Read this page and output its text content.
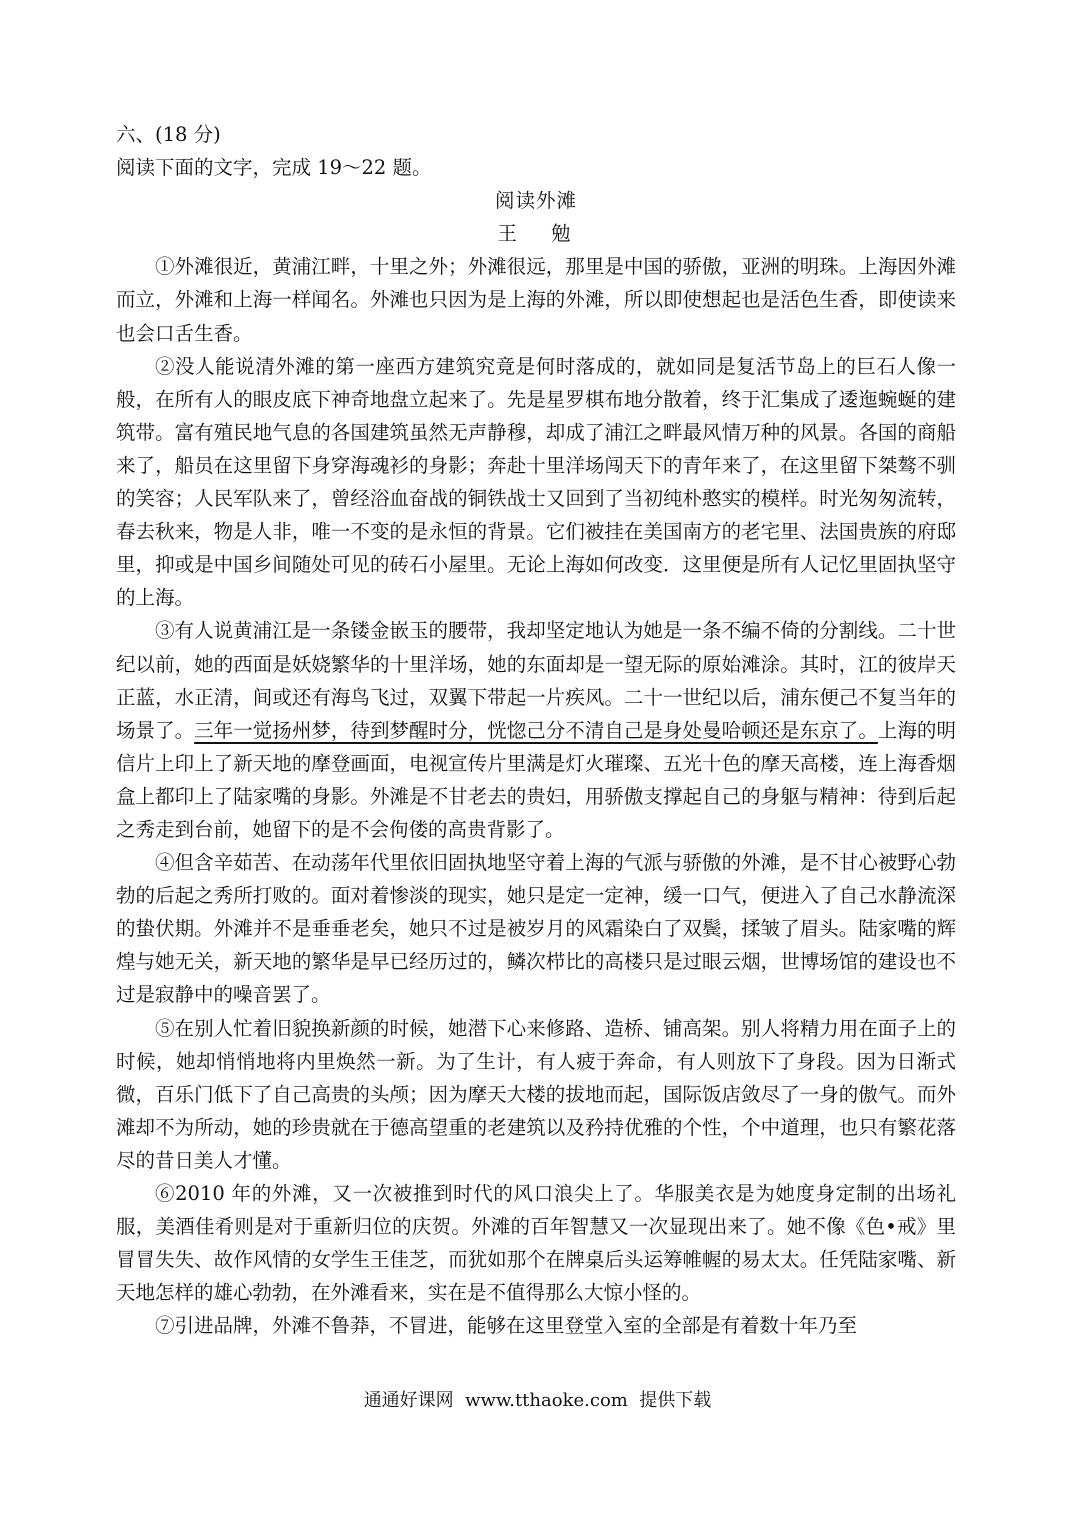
六、(18 分)

阅读下面的文字，完成 19～22 题。

阅读外滩

王 勉

①外滩很近，黄浦江畔，十里之外；外滩很远，那里是中国的骄傲，亚洲的明珠。上海因外滩而立，外滩和上海一样闻名。外滩也只因为是上海的外滩，所以即使想起也是活色生香，即使读来也会口舌生香。

②没人能说清外滩的第一座西方建筑究竟是何时落成的，就如同是复活节岛上的巨石人像一般，在所有人的眼皮底下神奇地盘立起来了。先是星罗棋布地分散着，终于汇集成了逶迤蜿蜒的建筑带。富有殖民地气息的各国建筑虽然无声静穆，却成了浦江之畔最风情万种的风景。各国的商船来了，船员在这里留下身穿海魂衫的身影；奔赴十里洋场闯天下的青年来了，在这里留下桀骜不驯的笑容；人民军队来了，曾经浴血奋战的铜铁战士又回到了当初纯朴憨实的模样。时光匆匆流转，春去秋来，物是人非，唯一不变的是永恒的背景。它们被挂在美国南方的老宅里、法国贵族的府邸里，抑或是中国乡间随处可见的砖石小屋里。无论上海如何改变．这里便是所有人记忆里固执坚守的上海。

③有人说黄浦江是一条镂金嵌玉的腰带，我却坚定地认为她是一条不编不倚的分割线。二十世纪以前，她的西面是妖娆繁华的十里洋场，她的东面却是一望无际的原始滩涂。其时，江的彼岸天正蓝，水正清，间或还有海鸟飞过，双翼下带起一片疾风。二十一世纪以后，浦东便己不复当年的场景了。三年一觉扬州梦，待到梦醒时分，恍惚己分不清自己是身处曼哈顿还是东京了。上海的明信片上印上了新天地的摩登画面，电视宣传片里满是灯火璀璨、五光十色的摩天高楼，连上海香烟盒上都印上了陆家嘴的身影。外滩是不甘老去的贵妇，用骄傲支撑起自己的身躯与精神：待到后起之秀走到台前，她留下的是不会佝偻的高贵背影了。

④但含辛茹苦、在动荡年代里依旧固执地坚守着上海的气派与骄傲的外滩，是不甘心被野心勃勃的后起之秀所打败的。面对着惨淡的现实，她只是定一定神，缓一口气，便进入了自己水静流深的蛰伏期。外滩并不是垂垂老矣，她只不过是被岁月的风霜染白了双鬓，揉皱了眉头。陆家嘴的辉煌与她无关，新天地的繁华是早已经历过的，鳞次栉比的高楼只是过眼云烟，世博场馆的建设也不过是寂静中的噪音罢了。

⑤在别人忙着旧貌换新颜的时候，她潜下心来修路、造桥、铺高架。别人将精力用在面子上的时候，她却悄悄地将内里焕然一新。为了生计，有人疲于奔命，有人则放下了身段。因为日渐式微，百乐门低下了自己高贵的头颅；因为摩天大楼的拔地而起，国际饭店敛尽了一身的傲气。而外滩却不为所动，她的珍贵就在于德高望重的老建筑以及矜持优雅的个性，个中道理，也只有繁花落尽的昔日美人才懂。

⑥2010 年的外滩，又一次被推到时代的风口浪尖上了。华服美衣是为她度身定制的出场礼服，美酒佳肴则是对于重新归位的庆贺。外滩的百年智慧又一次显现出来了。她不像《色•戒》里冒冒失失、故作风情的女学生王佳芝，而犹如那个在牌桌后头运筹帷幄的易太太。任凭陆家嘴、新天地怎样的雄心勃勃，在外滩看来，实在是不值得那么大惊小怪的。

⑦引进品牌，外滩不鲁莽，不冒进，能够在这里登堂入室的全部是有着数十年乃至

通通好课网 www.tthaoke.com 提供下载
